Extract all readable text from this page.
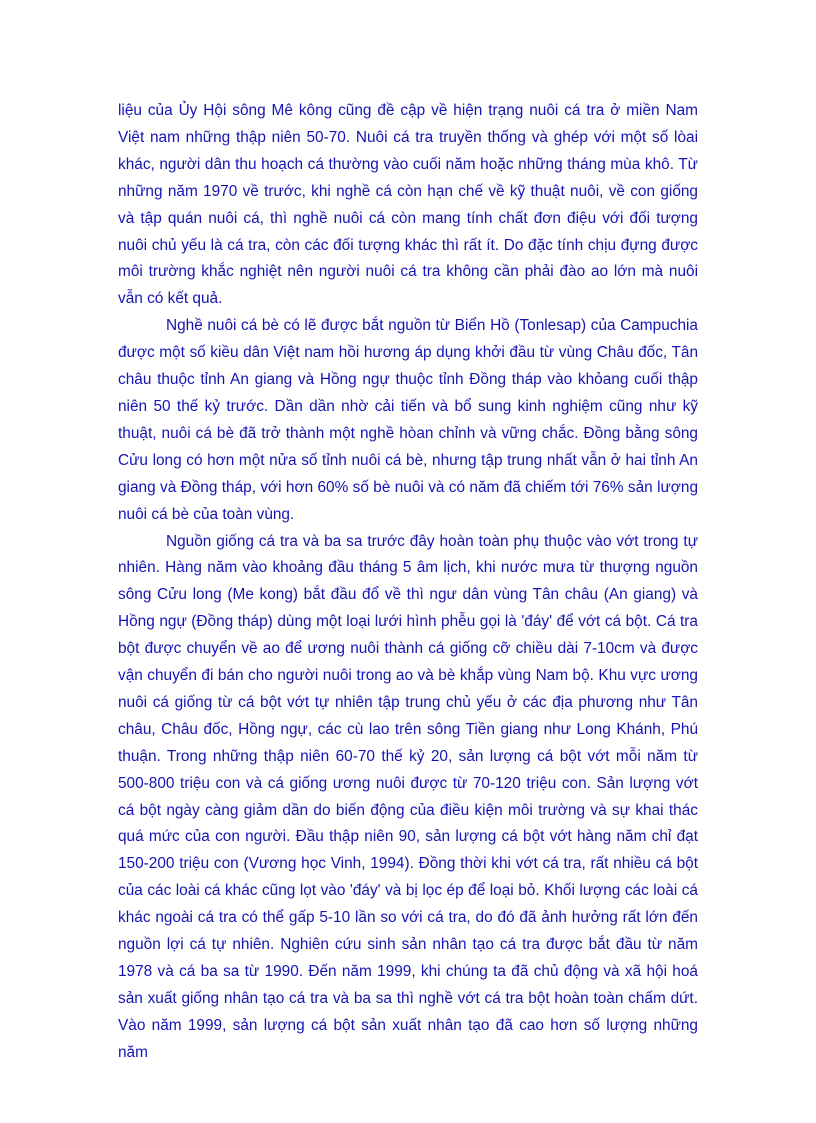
liệu của Ủy Hội sông Mê kông cũng đề cập về hiện trạng nuôi cá tra ở miền Nam Việt nam những thập niên 50-70. Nuôi cá tra truyền thống và ghép với một số lòai khác, người dân thu hoạch cá thường vào cuối năm hoặc những tháng mùa khô. Từ những năm 1970 về trước, khi nghề cá còn hạn chế về kỹ thuật nuôi, về con giống và tập quán nuôi cá, thì nghề nuôi cá còn mang tính chất đơn điệu với đối tượng nuôi chủ yếu là cá tra, còn các đối tượng khác thì rất ít. Do đặc tính chịu đựng được môi trường khắc nghiệt nên người nuôi cá tra không cần phải đào ao lớn mà nuôi vẫn có kết quả.

Nghề nuôi cá bè có lẽ được bắt nguồn từ Biển Hồ (Tonlesap) của Campuchia được một số kiều dân Việt nam hồi hương áp dụng khởi đầu từ vùng Châu đốc, Tân châu thuộc tỉnh An giang và Hồng ngự thuộc tỉnh Đồng tháp vào khỏang cuối thập niên 50 thế kỷ trước. Dần dần nhờ cải tiến và bổ sung kinh nghiệm cũng như kỹ thuật, nuôi cá bè đã trở thành một nghề hòan chỉnh và vững chắc. Đồng bằng sông Cửu long có hơn một nửa số tỉnh nuôi cá bè, nhưng tập trung nhất vẫn ở hai tỉnh An giang và Đồng tháp, với hơn 60% số bè nuôi và có năm đã chiếm tới 76% sản lượng nuôi cá bè của toàn vùng.

Nguồn giống cá tra và ba sa trước đây hoàn toàn phụ thuộc vào vớt trong tự nhiên. Hàng năm vào khoảng đầu tháng 5 âm lịch, khi nước mưa từ thượng nguồn sông Cửu long (Me kong) bắt đầu đổ về thì ngư dân vùng Tân châu (An giang) và Hồng ngự (Đồng tháp) dùng một loại lưới hình phễu gọi là 'đáy' để vớt cá bột. Cá tra bột được chuyển về ao để ương nuôi thành cá giống cỡ chiều dài 7-10cm và được vận chuyển đi bán cho người nuôi trong ao và bè khắp vùng Nam bộ. Khu vực ương nuôi cá giống từ cá bột vớt tự nhiên tập trung chủ yếu ở các địa phương như Tân châu, Châu đốc, Hồng ngự, các cù lao trên sông Tiền giang như Long Khánh, Phú thuận. Trong những thập niên 60-70 thế kỷ 20, sản lượng cá bột vớt mỗi năm từ 500-800 triệu con và cá giống ương nuôi được từ 70-120 triệu con. Sản lượng vớt cá bột ngày càng giảm dần do biến động của điều kiện môi trường và sự khai thác quá mức của con người. Đầu thập niên 90, sản lượng cá bột vớt hàng năm chỉ đạt 150-200 triệu con (Vương học Vinh, 1994). Đồng thời khi vớt cá tra, rất nhiều cá bột của các loài cá khác cũng lọt vào 'đáy' và bị lọc ép để loại bỏ. Khối lượng các loài cá khác ngoài cá tra có thể gấp 5-10 lần so với cá tra, do đó đã ảnh hưởng rất lớn đến nguồn lợi cá tự nhiên. Nghiên cứu sinh sản nhân tạo cá tra được bắt đầu từ năm 1978 và cá ba sa từ 1990. Đến năm 1999, khi chúng ta đã chủ động và xã hội hoá sản xuất giống nhân tạo cá tra và ba sa thì nghề vớt cá tra bột hoàn toàn chấm dứt. Vào năm 1999, sản lượng cá bột sản xuất nhân tạo đã cao hơn số lượng những năm
